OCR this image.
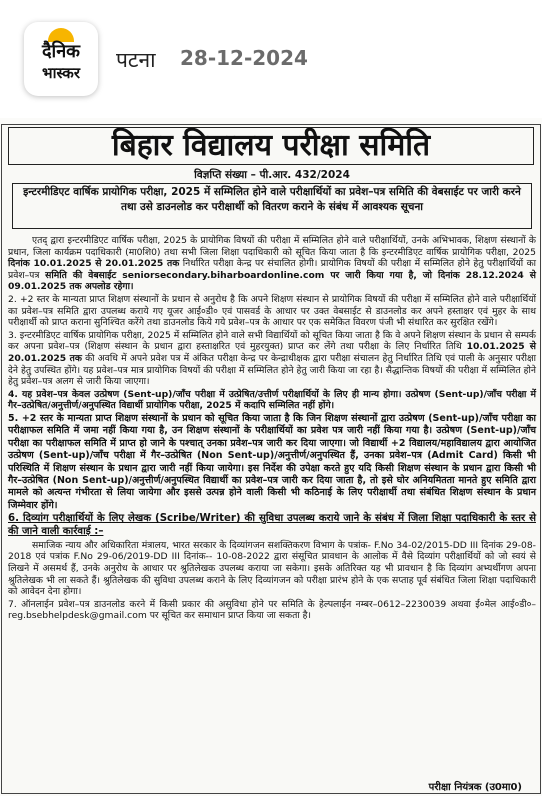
दैनिक
भास्कर
पटना 28-12-2024
बिहार विद्यालय परीक्षा समिति
विज्ञप्ति संख्या – पी.आर. 432/2024
इन्टरमीडिएट वार्षिक प्रायोगिक परीक्षा, 2025 में सम्मिलित होने वाले परीक्षार्थियों का प्रवेश–पत्र समिति की वेबसाईट पर जारी करने तथा उसे डाउनलोड कर परीक्षार्थी को वितरण कराने के संबंध में आवश्यक सूचना

एतद् द्वारा इन्टरमीडिएट वार्षिक परीक्षा, 2025 के प्रायोगिक विषयों की परीक्षा में सम्मिलित होने वाले परीक्षार्थियों, उनके अभिभावक, शिक्षण संस्थानों के प्रधान, जिला कार्यक्रम पदाधिकारी (मा0शि0) तथा सभी जिला शिक्षा पदाधिकारी को सूचित किया जाता है कि इन्टरमीडिएट वार्षिक प्रायोगिक परीक्षा, 2025 दिनांक 10.01.2025 से 20.01.2025 तक निर्धारित परीक्षा केन्द्र पर संचालित होगी। प्रायोगिक विषयों की परीक्षा में सम्मिलित होने हेतु परीक्षार्थियों का प्रवेश–पत्र समिति की वेबसाईट seniorsecondary.biharboardonline.com पर जारी किया गया है, जो दिनांक 28.12.2024 से 09.01.2025 तक अपलोड रहेगा।

2. +2 स्तर के मान्यता प्राप्त शिक्षण संस्थानों के प्रधान से अनुरोध है कि अपने शिक्षण संस्थान से प्रायोगिक विषयों की परीक्षा में सम्मिलित होने वाले परीक्षार्थियों का प्रवेश–पत्र समिति द्वारा उपलब्ध कराये गए यूजर आई०डी० एवं पासवर्ड के आधार पर उक्त वेबसाईट से डाउनलोड कर अपने हस्ताक्षर एवं मुहर के साथ परीक्षार्थी को प्राप्त कराना सुनिश्चित करेंगे तथा डाउनलोड किये गये प्रवेश–पत्र के आधार पर एक समेकित विवरण पंजी भी संधारित कर सुरक्षित रखेंगे।

3. इन्टरमीडिएट वार्षिक प्रायोगिक परीक्षा, 2025 में सम्मिलित होने वाले सभी विद्यार्थियों को सूचित किया जाता है कि वे अपने शिक्षण संस्थान के प्रधान से सम्पर्क कर अपना प्रवेश–पत्र (शिक्षण संस्थान के प्रधान द्वारा हस्ताक्षरित एवं मुहरयुक्त) प्राप्त कर लेंगे तथा परीक्षा के लिए निर्धारित तिथि 10.01.2025 से 20.01.2025 तक की अवधि में अपने प्रवेश पत्र में अंकित परीक्षा केन्द्र पर केन्द्राधीक्षक द्वारा परीक्षा संचालन हेतु निर्धारित तिथि एवं पाली के अनुसार परीक्षा देने हेतु उपस्थित होंगे। यह प्रवेश–पत्र मात्र प्रायोगिक विषयों की परीक्षा में सम्मिलित होने हेतु जारी किया जा रहा है। सैद्धान्तिक विषयों की परीक्षा में सम्मिलित होने हेतु प्रवेश–पत्र अलग से जारी किया जाएगा।

4. यह प्रवेश–पत्र केवल उत्प्रेषण (Sent-up)/जाँच परीक्षा में उत्प्रेषित/उत्तीर्ण परीक्षार्थियों के लिए ही मान्य होगा। उत्प्रेषण (Sent-up)/जाँच परीक्षा में गैर–उत्प्रेषित/अनुत्तीर्ण/अनुपस्थित विद्यार्थी प्रायोगिक परीक्षा, 2025 में कदापि सम्मिलित नहीं होंगे।

5. +2 स्तर के मान्यता प्राप्त शिक्षण संस्थानों के प्रधान को सूचित किया जाता है कि जिन शिक्षण संस्थानों द्वारा उत्प्रेषण (Sent-up)/जाँच परीक्षा का परीक्षाफल समिति में जमा नहीं किया गया है, उन शिक्षण संस्थानों के परीक्षार्थियों का प्रवेश पत्र जारी नहीं किया गया है। उत्प्रेषण (Sent-up)/जाँच परीक्षा का परीक्षाफल समिति में प्राप्त हो जाने के पश्चात् उनका प्रवेश–पत्र जारी कर दिया जाएगा। जो विद्यार्थी +2 विद्यालय/महाविद्यालय द्वारा आयोजित उत्प्रेषण (Sent-up)/जाँच परीक्षा में गैर–उत्प्रेषित (Non Sent-up)/अनुत्तीर्ण/अनुपस्थित हैं, उनका प्रवेश–पत्र (Admit Card) किसी भी परिस्थिति में शिक्षण संस्थान के प्रधान द्वारा जारी नहीं किया जायेगा। इस निर्देश की उपेक्षा करते हुए यदि किसी शिक्षण संस्थान के प्रधान द्वारा किसी भी गैर–उत्प्रेषित (Non Sent-up)/अनुत्तीर्ण/अनुपस्थित विद्यार्थी का प्रवेश–पत्र जारी कर दिया जाता है, तो इसे घोर अनियमितता मानते हुए समिति द्वारा मामले को अत्यन्त गंभीरता से लिया जायेगा और इससे उत्पन्न होने वाली किसी भी कठिनाई के लिए परीक्षार्थी तथा संबंधित शिक्षण संस्थान के प्रधान जिम्मेवार होंगे।

6. दिव्यांग परीक्षार्थियों के लिए लेखक (Scribe/Writer) की सुविधा उपलब्ध कराये जाने के संबंध में जिला शिक्षा पदाधिकारी के स्तर से की जाने वाली कार्रवाई :–

समाजिक न्याय और अधिकारिता मंत्रालय, भारत सरकार के दिव्यांगजन सशक्तिकरण विभाग के पत्रांक- F.No 34-02/2015-DD III दिनांक 29-08-2018 एवं पत्रांक F.No 29-06/2019-DD III दिनांक-- 10-08-2022 द्वारा संसूचित प्रावधान के आलोक में वैसे दिव्यांग परीक्षार्थियों को जो स्वयं से लिखने में असमर्थ हैं, उनके अनुरोध के आधार पर श्रुतिलेखक उपलब्ध कराया जा सकेगा। इसके अतिरिक्त यह भी प्रावधान है कि दिव्यांग अभ्यर्थीगण अपना श्रुतिलेखक भी ला सकते हैं। श्रुतिलेखक की सुविधा उपलब्ध कराने के लिए दिव्यांगजन को परीक्षा प्रारंभ होने के एक सप्ताह पूर्व संबंधित जिला शिक्षा पदाधिकारी को आवेदन देना होगा।

7. ऑनलाईन प्रवेश–पत्र डाउनलोड करने में किसी प्रकार की असुविधा होने पर समिति के हेल्पलाईन नम्बर–0612–2230039 अथवा ई०मेल आई०डी०– reg.bsebhelpdesk@gmail.com पर सूचित कर समाधान प्राप्त किया जा सकता है।

परीक्षा नियंत्रक (उ0मा0)
